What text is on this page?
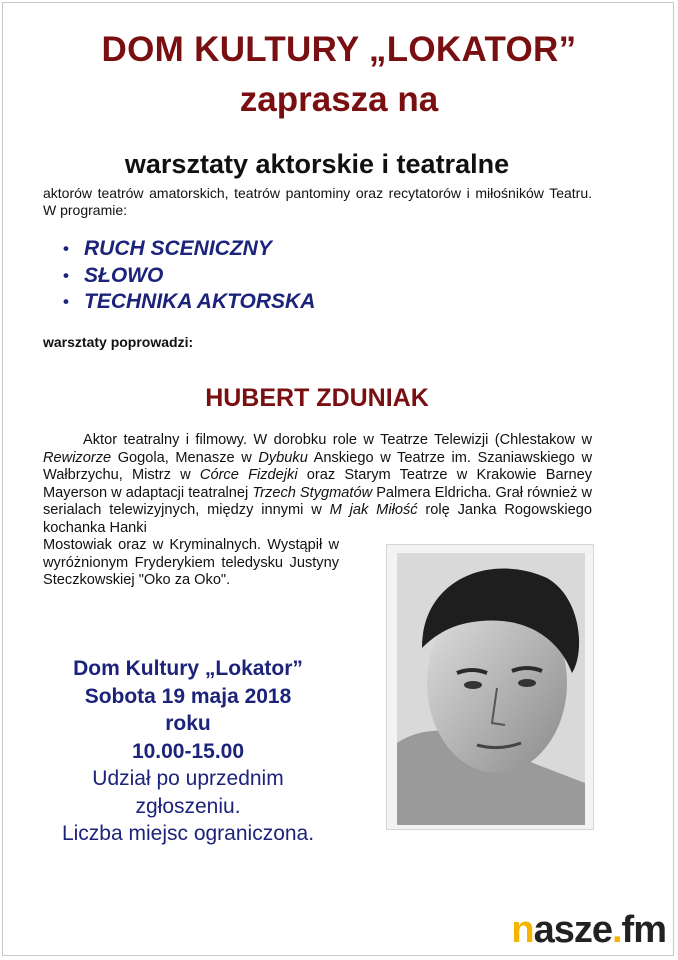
DOM KULTURY „LOKATOR”
zaprasza na
warsztaty aktorskie i teatralne

aktorów teatrów amatorskich, teatrów pantominy oraz recytatorów i miłośników Teatru. W programie:

• RUCH SCENICZNY
• SŁOWO
• TECHNIKA AKTORSKA

warsztaty poprowadzi:

HUBERT ZDUNIAK

Aktor teatralny i filmowy. W dorobku role w Teatrze Telewizji (Chlestakow w Rewizorze Gogola, Menasze w Dybuku Anskiego w Teatrze im. Szaniawskiego w Wałbrzychu, Mistrz w Córce Fizdejki oraz Starym Teatrze w Krakowie Barney Mayerson w adaptacji teatralnej Trzech Stygmatów Palmera Eldricha. Grał również w serialach telewizyjnych, między innymi w M jak Miłość rolę Janka Rogowskiego kochanka Hanki

Mostowiak oraz w Kryminalnych. Wystąpił w wyróżnionym Fryderykiem teledysku Justyny Steczkowskiej "Oko za Oko".

Dom Kultury „Lokator”
Sobota 19 maja 2018
roku
10.00-15.00
Udział po uprzednim
zgłoszeniu.
Liczba miejsc ograniczona.
nasze.fm
